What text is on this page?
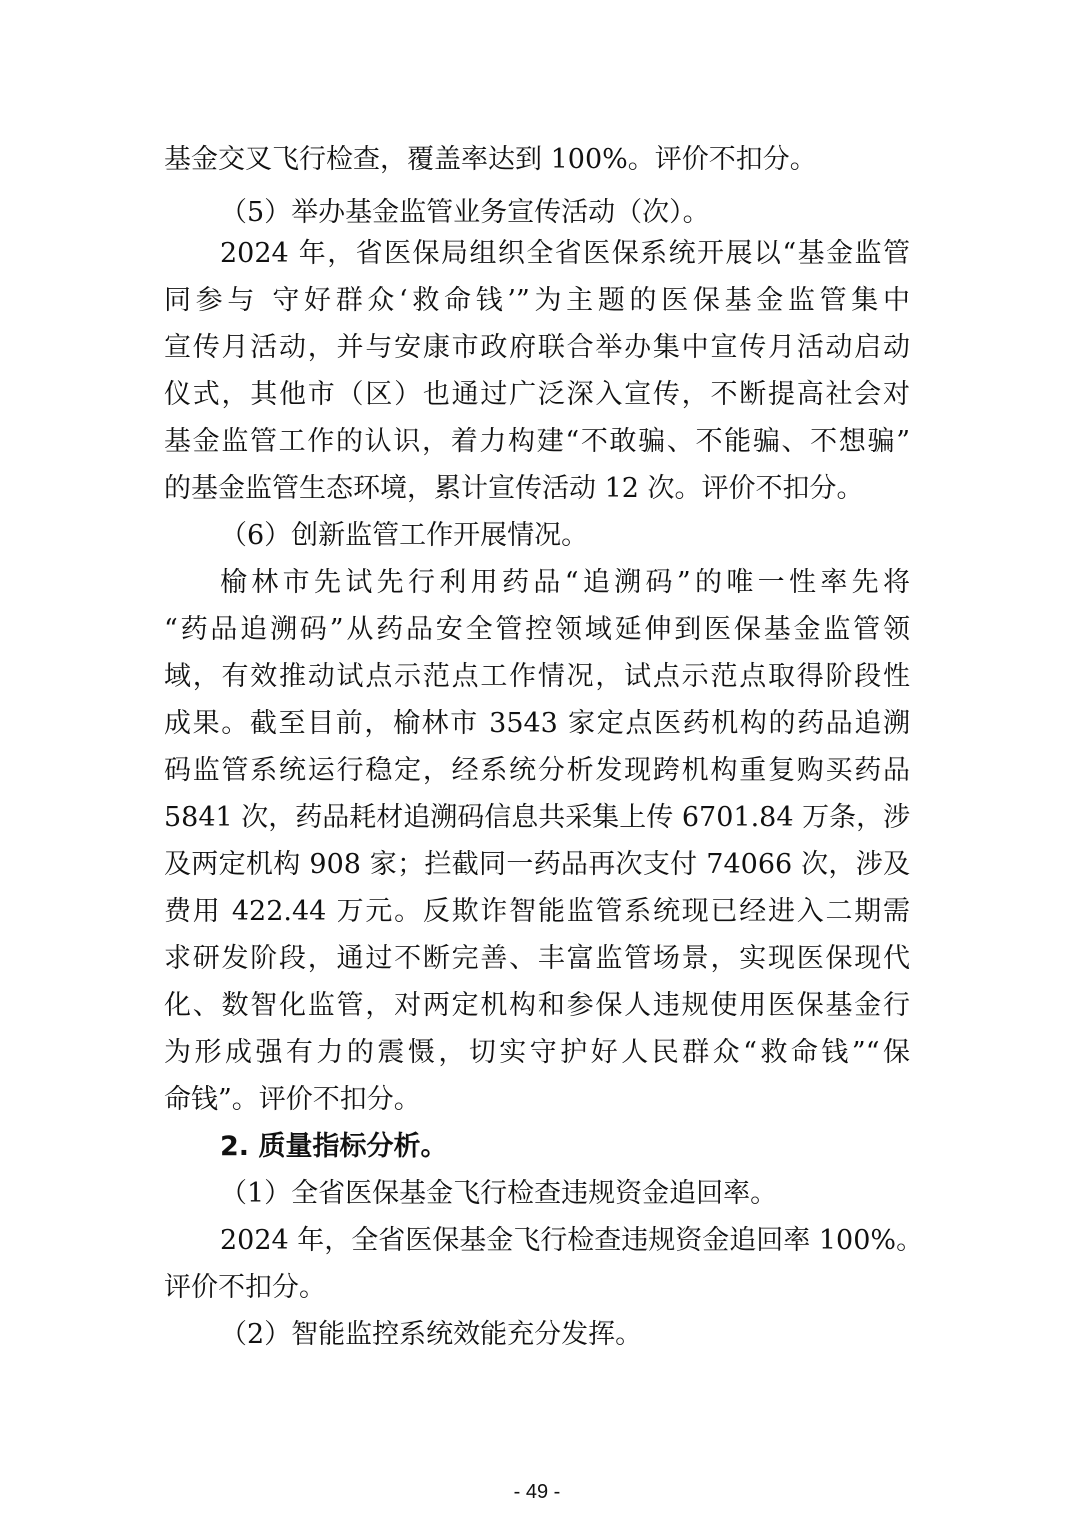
基金交叉飞行检查，覆盖率达到 100%。评价不扣分。
（5）举办基金监管业务宣传活动（次）。
2024 年，省医保局组织全省医保系统开展以“基金监管
同参与 守好群众‘救命钱’”为主题的医保基金监管集中
宣传月活动，并与安康市政府联合举办集中宣传月活动启动
仪式，其他市（区）也通过广泛深入宣传，不断提高社会对
基金监管工作的认识，着力构建“不敢骗、不能骗、不想骗”
的基金监管生态环境，累计宣传活动 12 次。评价不扣分。
（6）创新监管工作开展情况。
榆林市先试先行利用药品“追溯码”的唯一性率先将
“药品追溯码”从药品安全管控领域延伸到医保基金监管领
域，有效推动试点示范点工作情况，试点示范点取得阶段性
成果。截至目前，榆林市 3543 家定点医药机构的药品追溯
码监管系统运行稳定，经系统分析发现跨机构重复购买药品
5841 次，药品耗材追溯码信息共采集上传 6701.84 万条，涉
及两定机构 908 家；拦截同一药品再次支付 74066 次，涉及
费用 422.44 万元。反欺诈智能监管系统现已经进入二期需
求研发阶段，通过不断完善、丰富监管场景，实现医保现代
化、数智化监管，对两定机构和参保人违规使用医保基金行
为形成强有力的震慑，切实守护好人民群众“救命钱”“保
命钱”。评价不扣分。
2. 质量指标分析。
（1）全省医保基金飞行检查违规资金追回率。
2024 年，全省医保基金飞行检查违规资金追回率 100%。
评价不扣分。
（2）智能监控系统效能充分发挥。
- 49 -
